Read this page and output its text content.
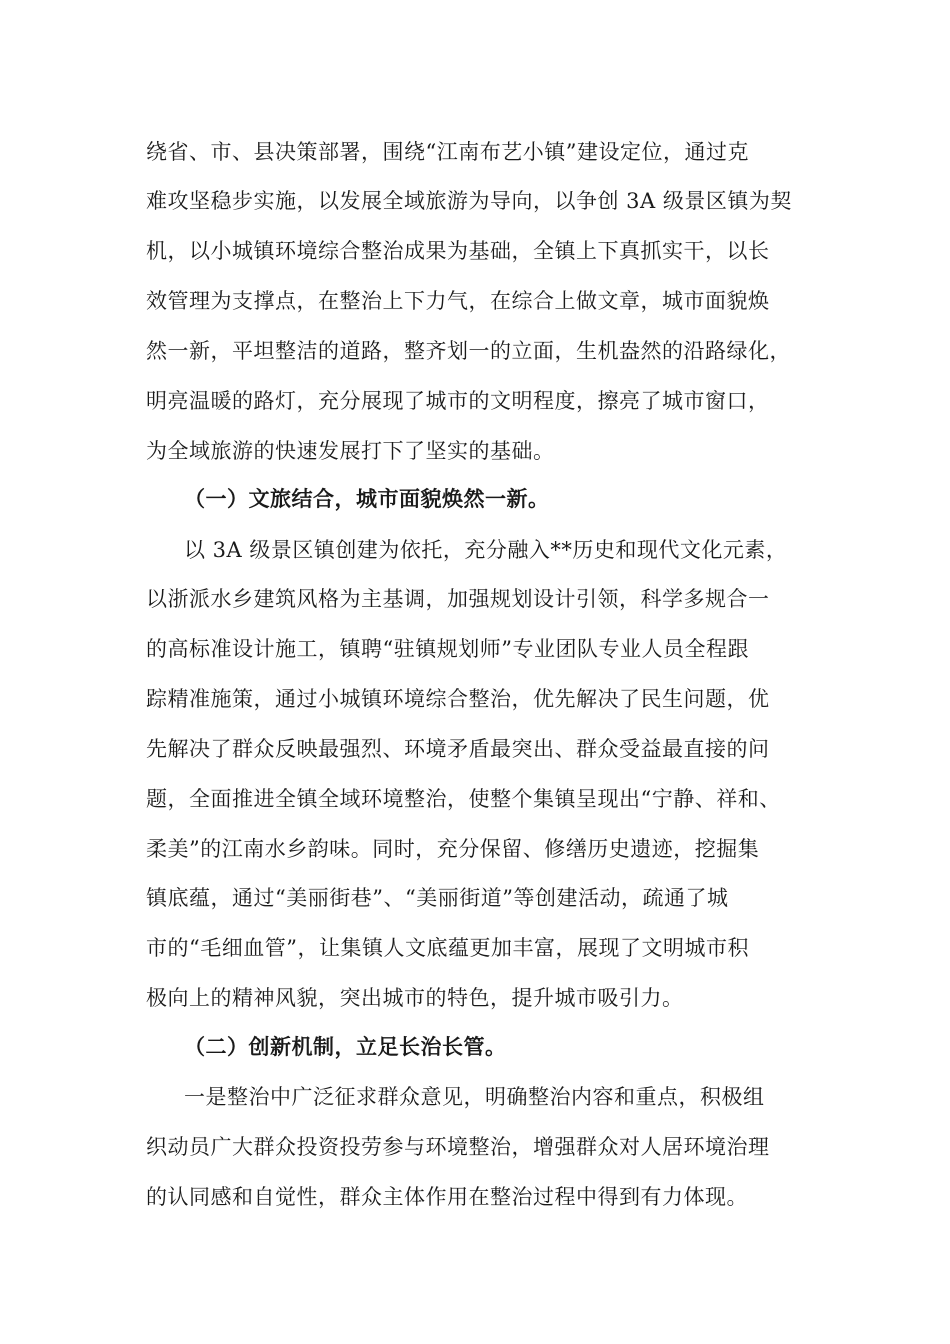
绕省、市、县决策部署，围绕“江南布艺小镇”建设定位，通过克
难攻坚稳步实施，以发展全域旅游为导向，以争创 3A 级景区镇为契
机，以小城镇环境综合整治成果为基础，全镇上下真抓实干，以长
效管理为支撑点，在整治上下力气，在综合上做文章，城市面貌焕
然一新，平坦整洁的道路，整齐划一的立面，生机盎然的沿路绿化，
明亮温暖的路灯，充分展现了城市的文明程度，擦亮了城市窗口，
为全域旅游的快速发展打下了坚实的基础。
（一）文旅结合，城市面貌焕然一新。
以 3A 级景区镇创建为依托，充分融入**历史和现代文化元素，
以浙派水乡建筑风格为主基调，加强规划设计引领，科学多规合一
的高标准设计施工，镇聘“驻镇规划师”专业团队专业人员全程跟
踪精准施策，通过小城镇环境综合整治，优先解决了民生问题，优
先解决了群众反映最强烈、环境矛盾最突出、群众受益最直接的问
题，全面推进全镇全域环境整治，使整个集镇呈现出“宁静、祥和、
柔美”的江南水乡韵味。同时，充分保留、修缮历史遗迹，挖掘集
镇底蕴，通过“美丽街巷”、“美丽街道”等创建活动，疏通了城
市的“毛细血管”，让集镇人文底蕴更加丰富，展现了文明城市积
极向上的精神风貌，突出城市的特色，提升城市吸引力。
（二）创新机制，立足长治长管。
一是整治中广泛征求群众意见，明确整治内容和重点，积极组
织动员广大群众投资投劳参与环境整治，增强群众对人居环境治理
的认同感和自觉性，群众主体作用在整治过程中得到有力体现。
